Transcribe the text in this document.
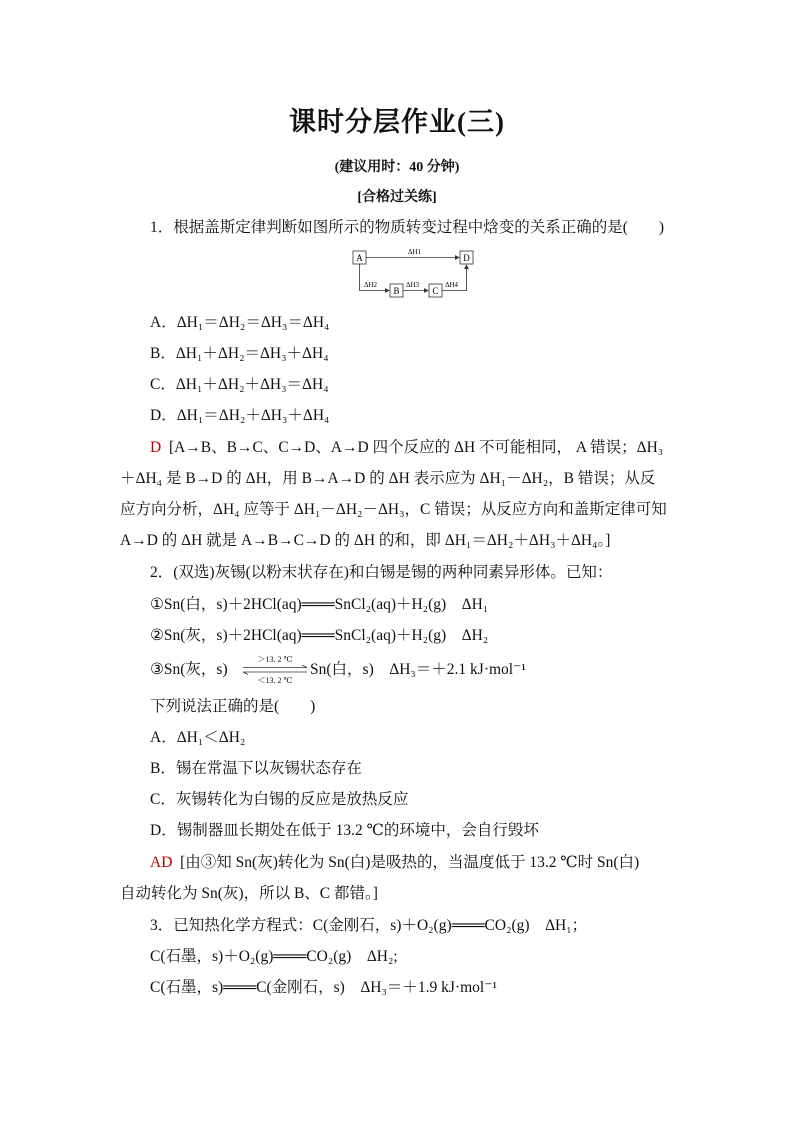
课时分层作业(三)
(建议用时：40 分钟)
[合格过关练]
1．根据盖斯定律判断如图所示的物质转变过程中焓变的关系正确的是(　　)
A	D
B	C
ΔH1
ΔH2	ΔH3	ΔH4
A．ΔH₁＝ΔH₂＝ΔH₃＝ΔH₄
B．ΔH₁＋ΔH₂＝ΔH₃＋ΔH₄
C．ΔH₁＋ΔH₂＋ΔH₃＝ΔH₄
D．ΔH₁＝ΔH₂＋ΔH₃＋ΔH₄
D [A→B、B→C、C→D、A→D 四个反应的 ΔH 不可能相同， A 错误；ΔH₃
＋ΔH₄ 是 B→D 的 ΔH，用 B→A→D 的 ΔH 表示应为 ΔH₁－ΔH₂，B 错误；从反
应方向分析，ΔH₄ 应等于 ΔH₁－ΔH₂－ΔH₃，C 错误；从反应方向和盖斯定律可知
A→D 的 ΔH 就是 A→B→C→D 的 ΔH 的和，即 ΔH₁＝ΔH₂＋ΔH₃＋ΔH₄。]
2．(双选)灰锡(以粉末状存在)和白锡是锡的两种同素异形体。已知：
①Sn(白，s)＋2HCl(aq)═══SnCl₂(aq)＋H₂(g)　ΔH₁
②Sn(灰，s)＋2HCl(aq)═══SnCl₂(aq)＋H₂(g)　ΔH₂
③Sn(灰，s)
＞13. 2 ℃
＜13. 2 ℃
Sn(白，s)　ΔH₃＝＋2.1 kJ·mol⁻¹
下列说法正确的是(　　)
A．ΔH₁＜ΔH₂
B．锡在常温下以灰锡状态存在
C．灰锡转化为白锡的反应是放热反应
D．锡制器皿长期处在低于 13.2 ℃的环境中，会自行毁坏
AD [由③知 Sn(灰)转化为 Sn(白)是吸热的，当温度低于 13.2 ℃时 Sn(白)
自动转化为 Sn(灰)，所以 B、C 都错。]
3．已知热化学方程式：C(金刚石，s)＋O₂(g)═══CO₂(g)　ΔH₁；
C(石墨，s)＋O₂(g)═══CO₂(g)　ΔH₂;
C(石墨，s)═══C(金刚石，s)　ΔH₃＝＋1.9 kJ·mol⁻¹
